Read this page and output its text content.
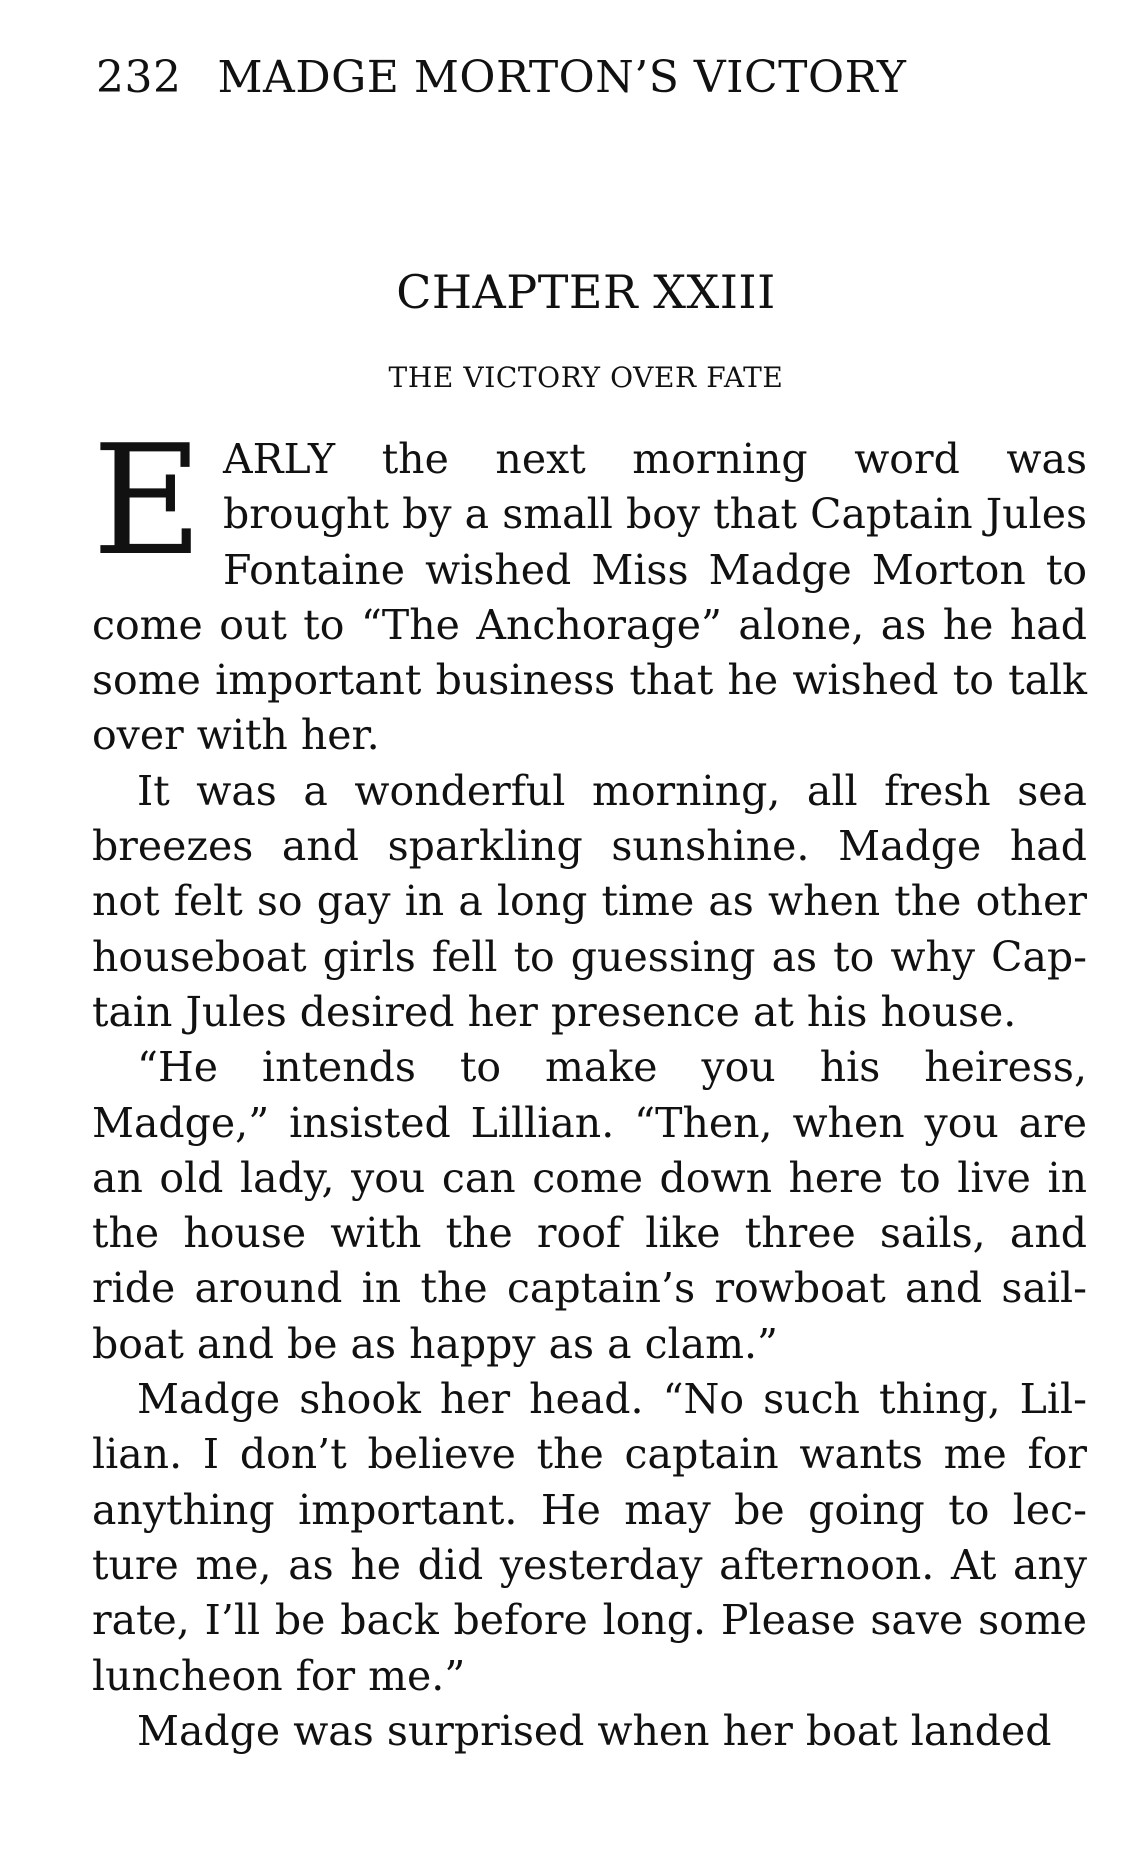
232 MADGE MORTON’S VICTORY
CHAPTER XXIII
THE VICTORY OVER FATE

EARLY the next morning word was brought by a small boy that Captain Jules Fontaine wished Miss Madge Morton to come out to “The Anchorage” alone, as he had some important business that he wished to talk over with her.

It was a wonderful morning, all fresh sea breezes and sparkling sunshine. Madge had not felt so gay in a long time as when the other houseboat girls fell to guessing as to why Captain Jules desired her presence at his house.

“He intends to make you his heiress, Madge,” insisted Lillian. “Then, when you are an old lady, you can come down here to live in the house with the roof like three sails, and ride around in the captain’s rowboat and sailboat and be as happy as a clam.”

Madge shook her head. “No such thing, Lillian. I don’t believe the captain wants me for anything important. He may be going to lecture me, as he did yesterday afternoon. At any rate, I’ll be back before long. Please save some luncheon for me.”

Madge was surprised when her boat landed
